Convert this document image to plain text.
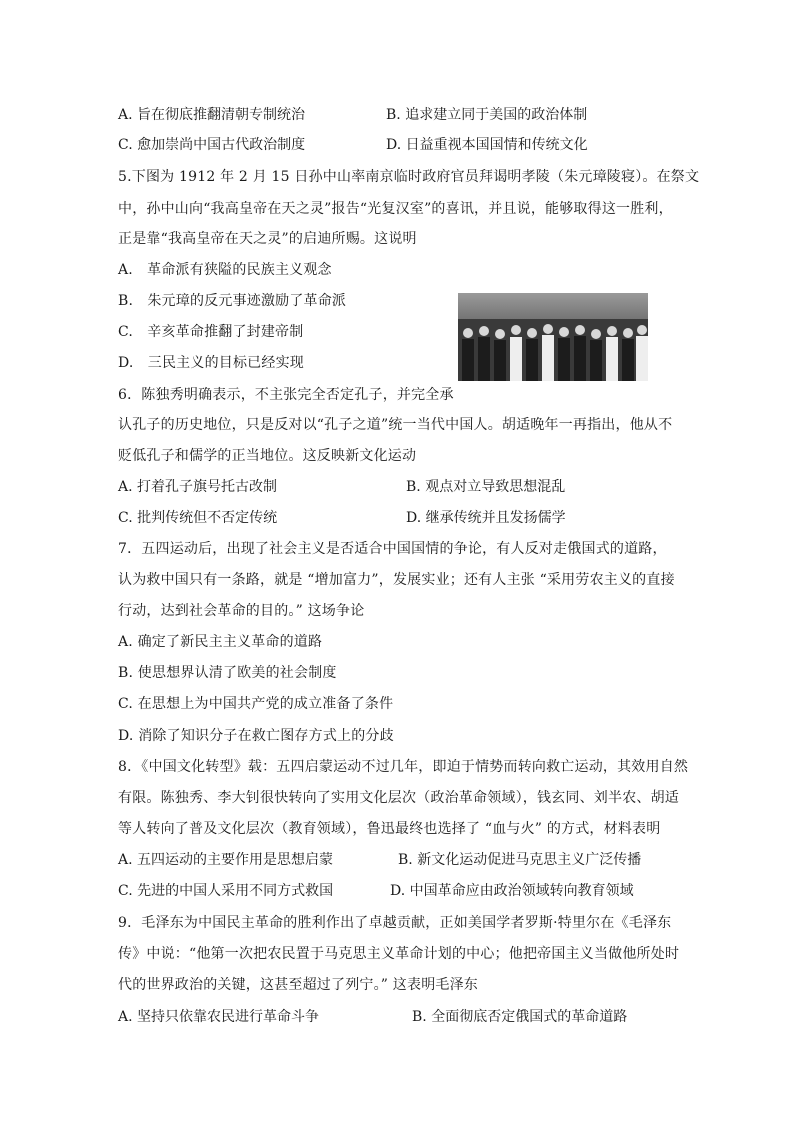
A. 旨在彻底推翻清朝专制统治	B. 追求建立同于美国的政治体制
C. 愈加崇尚中国古代政治制度	D. 日益重视本国国情和传统文化
5.下图为 1912 年 2 月 15 日孙中山率南京临时政府官员拜谒明孝陵（朱元璋陵寝）。在祭文
中，孙中山向“我高皇帝在天之灵”报告“光复汉室”的喜讯，并且说，能够取得这一胜利，
正是靠“我高皇帝在天之灵”的启迪所赐。这说明
A.　革命派有狭隘的民族主义观念
B.　朱元璋的反元事迹激励了革命派
C.　辛亥革命推翻了封建帝制
D.　三民主义的目标已经实现
6．陈独秀明确表示，不主张完全否定孔子，并完全承
认孔子的历史地位，只是反对以“孔子之道”统一当代中国人。胡适晚年一再指出，他从不
贬低孔子和儒学的正当地位。这反映新文化运动
A. 打着孔子旗号托古改制	B. 观点对立导致思想混乱
C. 批判传统但不否定传统	D. 继承传统并且发扬儒学
7．五四运动后，出现了社会主义是否适合中国国情的争论，有人反对走俄国式的道路，
认为救中国只有一条路，就是 “增加富力”，发展实业；还有人主张 “采用劳农主义的直接
行动，达到社会革命的目的。” 这场争论
A. 确定了新民主主义革命的道路
B. 使思想界认清了欧美的社会制度
C. 在思想上为中国共产党的成立准备了条件
D. 消除了知识分子在救亡图存方式上的分歧
8．《中国文化转型》载：五四启蒙运动不过几年，即迫于情势而转向救亡运动，其效用自然
有限。陈独秀、李大钊很快转向了实用文化层次（政治革命领域），钱玄同、刘半农、胡适
等人转向了普及文化层次（教育领域），鲁迅最终也选择了 “血与火” 的方式，材料表明
A. 五四运动的主要作用是思想启蒙	B. 新文化运动促进马克思主义广泛传播
C. 先进的中国人采用不同方式救国	D. 中国革命应由政治领域转向教育领域
9．毛泽东为中国民主革命的胜利作出了卓越贡献，正如美国学者罗斯·特里尔在《毛泽东
传》中说：“他第一次把农民置于马克思主义革命计划的中心；他把帝国主义当做他所处时
代的世界政治的关键，这甚至超过了列宁。” 这表明毛泽东
A. 坚持只依靠农民进行革命斗争	B. 全面彻底否定俄国式的革命道路
